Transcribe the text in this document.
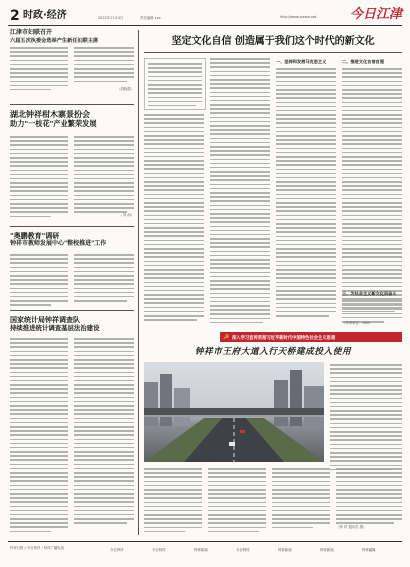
2 时政·经济	2022年11月4日	责任编辑 xxx	http://www.jxxww.net	今日江津
江津市妇联召开
六届五次执委会选举产生新任妇联主席
（胡晓霞）
湖北钟祥柑木寨景扮会
助力"一枝花"产业繁荣发展
（刘 雨）
"奥鹏教育"调研
钟祥市教师发展中心"整校推进"工作
国家统计局钟祥调查队
持续推进统计调查基层法治建设
坚定文化自信 创造属于我们这个时代的新文化
一、坚持和发展马克思主义	二、推进文化自信自强
三、为社会主义新文化而奋斗
（作者单位：XXX）
☭ 深入学习宣传贯彻习近平新时代中国特色社会主义思想
钟祥市王府大道入行天桥建成投入使用
（钟 祥 通讯员 摄）
钟祥日报 / 今日钟祥 / 钟祥广播电视	今日钟祥	今日钟祥	钟祥新闻	今日钟祥	钟祥新闻	钟祥新闻	钟祥融媒
